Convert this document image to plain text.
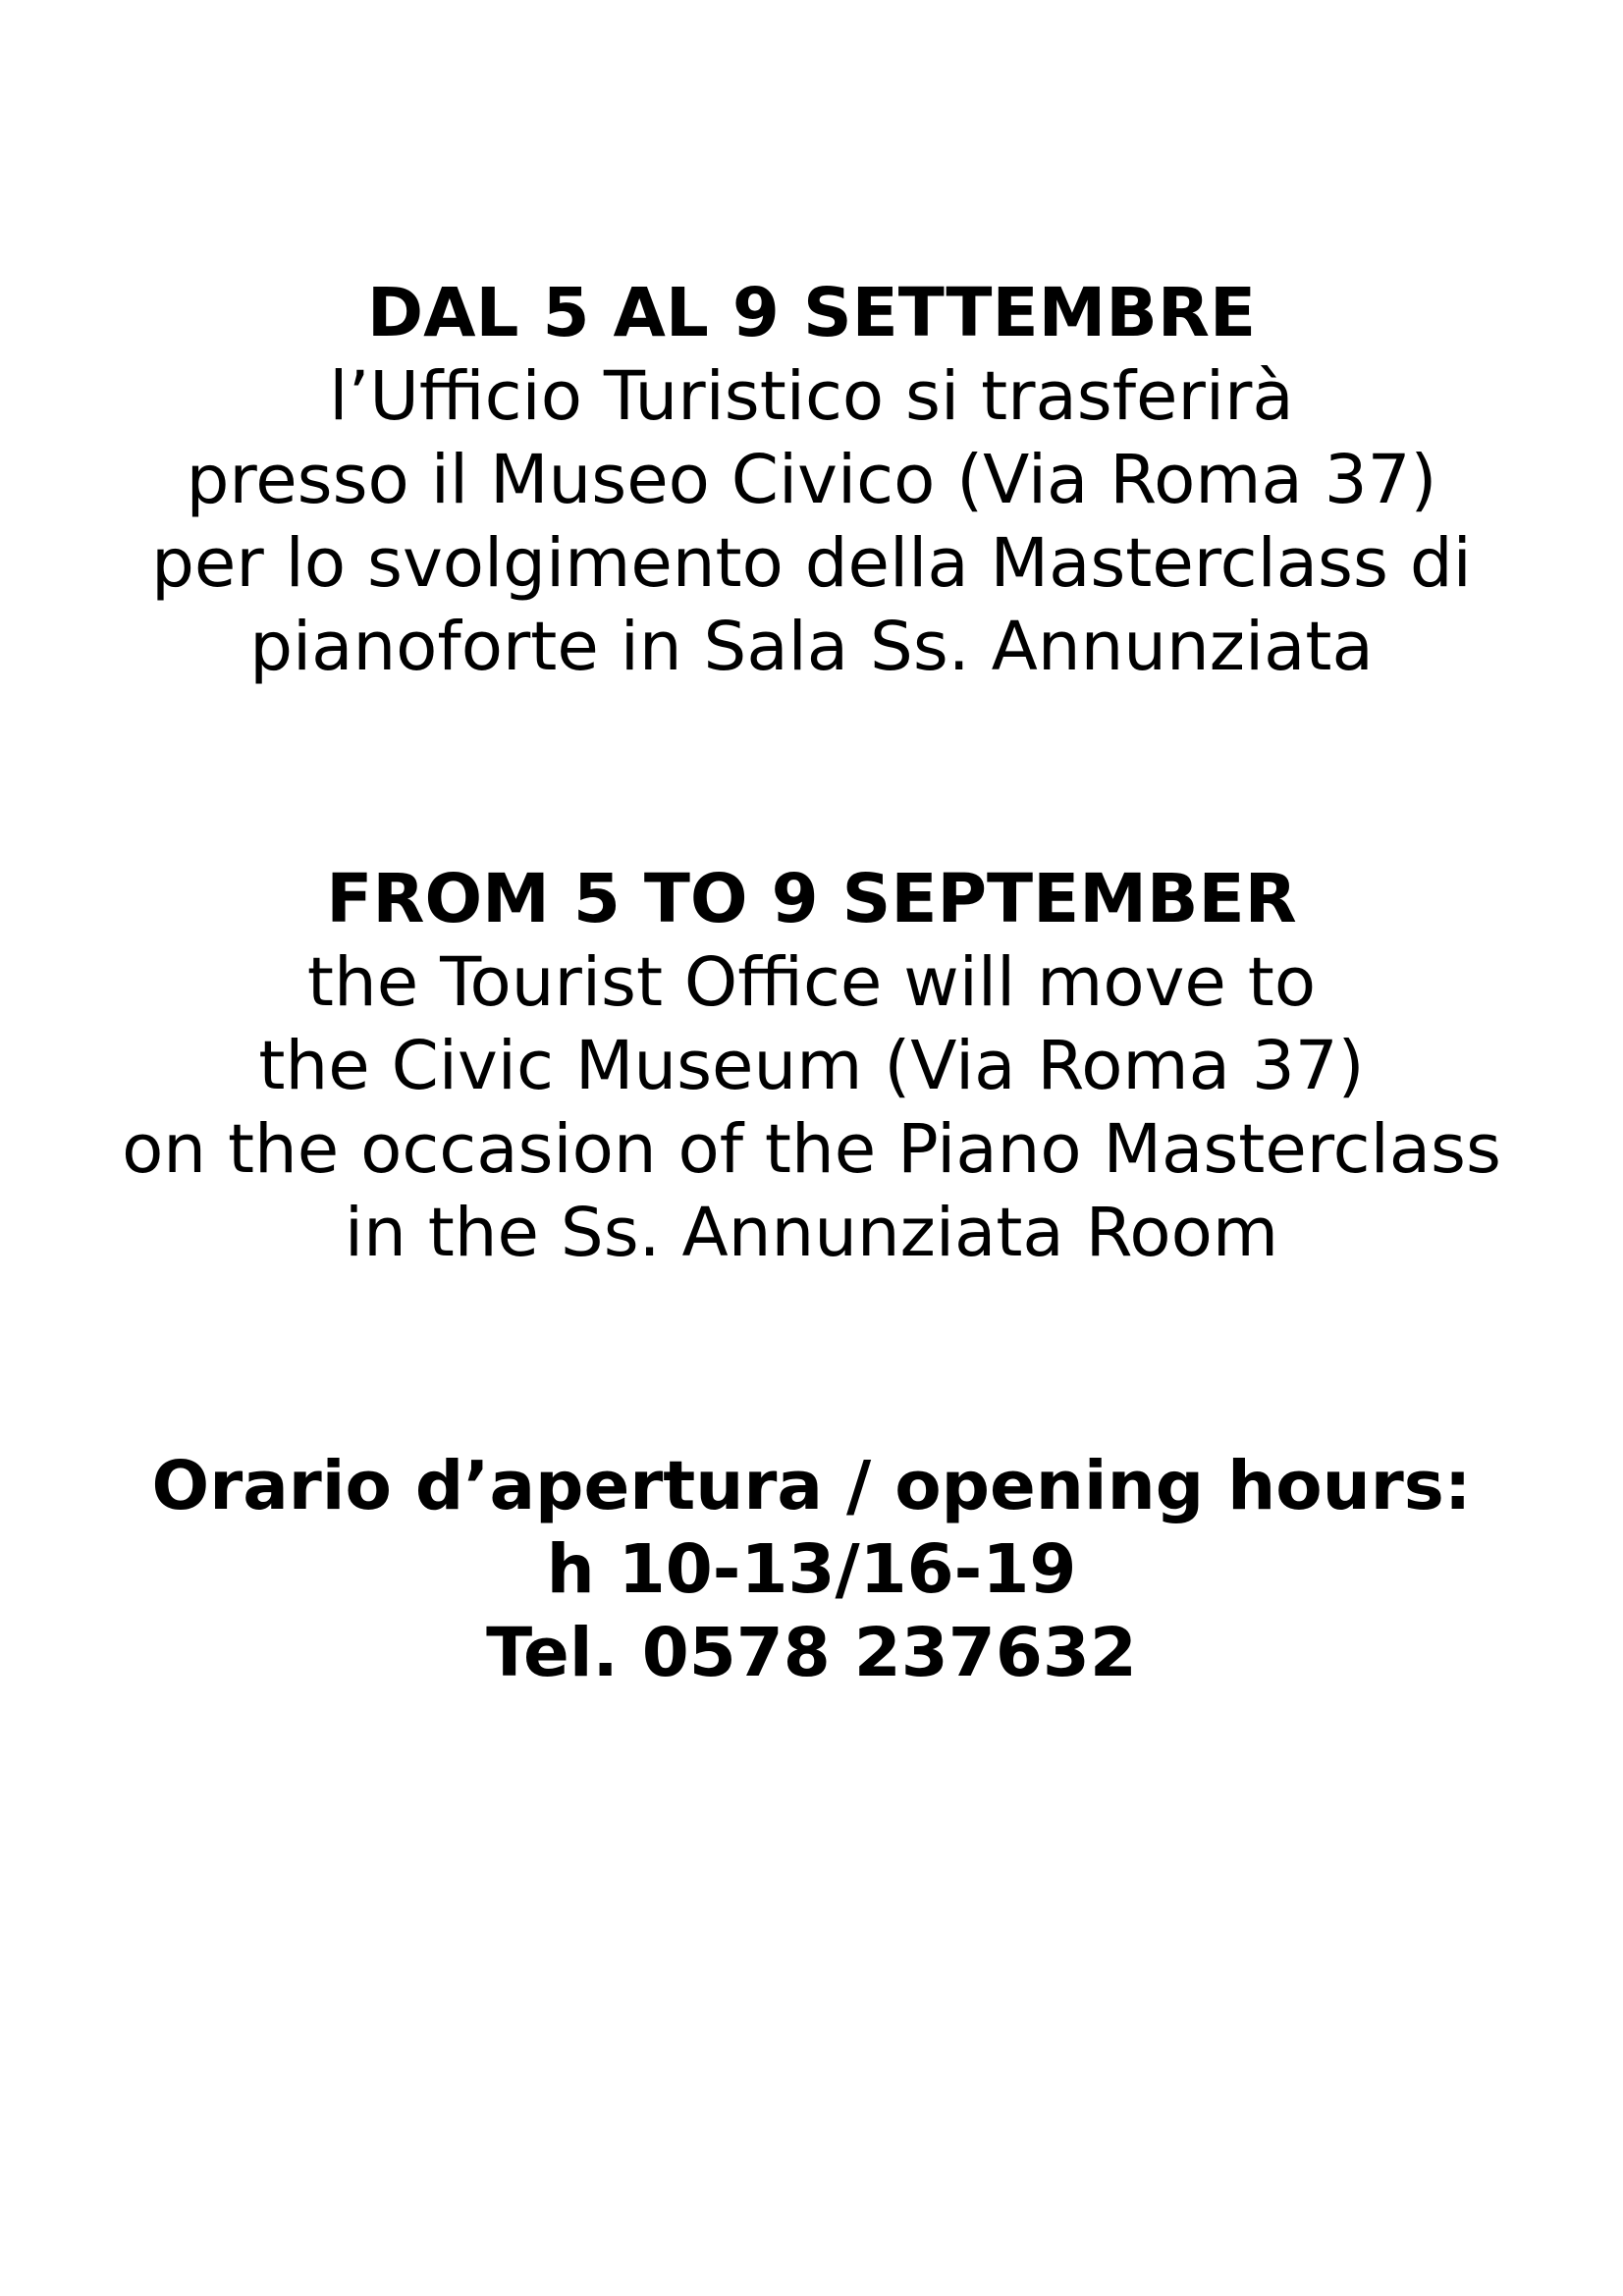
DAL 5 AL 9 SETTEMBRE
l’Ufficio Turistico si trasferirà
presso il Museo Civico (Via Roma 37)
per lo svolgimento della Masterclass di
pianoforte in Sala Ss. Annunziata
FROM 5 TO 9 SEPTEMBER
the Tourist Office will move to
the Civic Museum (Via Roma 37)
on the occasion of the Piano Masterclass
in the Ss. Annunziata Room
Orario d’apertura / opening hours:
h 10-13/16-19
Tel. 0578 237632
